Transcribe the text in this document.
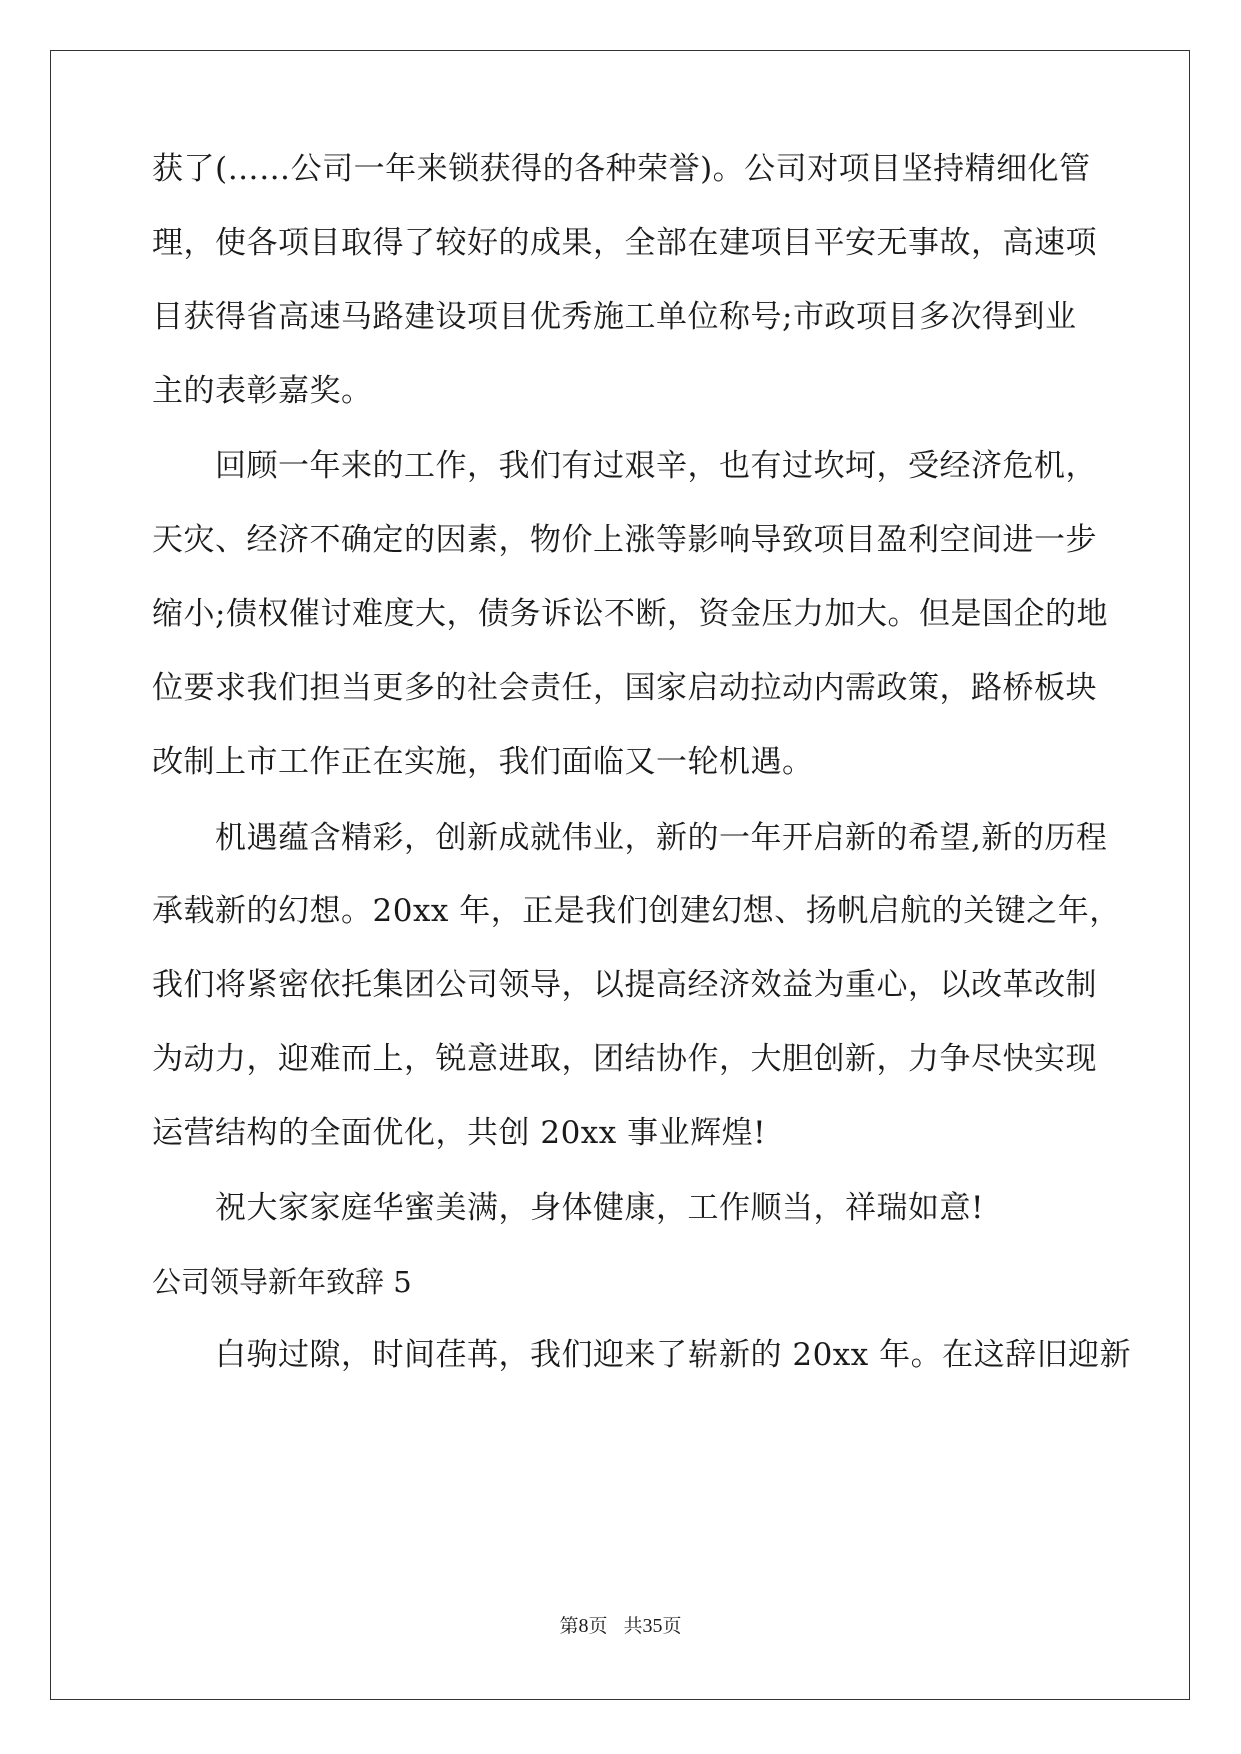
获了(……公司一年来锁获得的各种荣誉)。公司对项目坚持精细化管
理，使各项目取得了较好的成果，全部在建项目平安无事故，高速项
目获得省高速马路建设项目优秀施工单位称号;市政项目多次得到业
主的表彰嘉奖。
回顾一年来的工作，我们有过艰辛，也有过坎坷，受经济危机，
天灾、经济不确定的因素，物价上涨等影响导致项目盈利空间进一步
缩小;债权催讨难度大，债务诉讼不断，资金压力加大。但是国企的地
位要求我们担当更多的社会责任，国家启动拉动内需政策，路桥板块
改制上市工作正在实施，我们面临又一轮机遇。
机遇蕴含精彩，创新成就伟业，新的一年开启新的希望,新的历程
承载新的幻想。20xx 年，正是我们创建幻想、扬帆启航的关键之年，
我们将紧密依托集团公司领导，以提高经济效益为重心，以改革改制
为动力，迎难而上，锐意进取，团结协作，大胆创新，力争尽快实现
运营结构的全面优化，共创 20xx 事业辉煌!
祝大家家庭华蜜美满，身体健康，工作顺当，祥瑞如意!
公司领导新年致辞 5
白驹过隙，时间荏苒，我们迎来了崭新的 20xx 年。在这辞旧迎新
第8页 共35页
